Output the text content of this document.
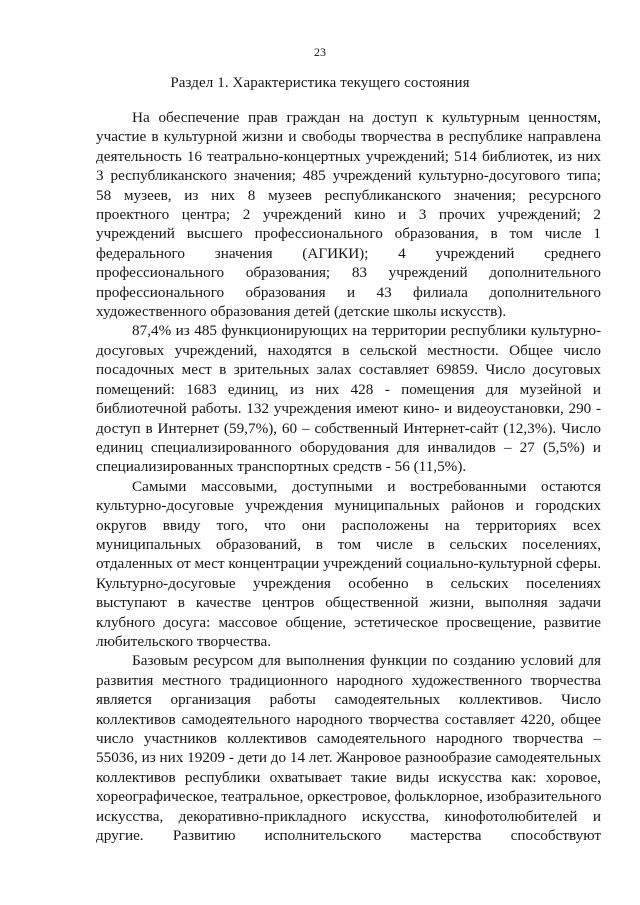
23
Раздел 1. Характеристика текущего состояния
На обеспечение прав граждан на доступ к культурным ценностям,
участие в культурной жизни и свободы творчества в республике направлена
деятельность 16 театрально-концертных учреждений; 514 библиотек, из них
3 республиканского значения; 485 учреждений культурно-досугового типа;
58 музеев, из них 8 музеев республиканского значения; ресурсного
проектного центра; 2 учреждений кино и 3 прочих учреждений; 2
учреждений высшего профессионального образования, в том числе 1
федерального значения (АГИКИ); 4 учреждений среднего
профессионального образования; 83 учреждений дополнительного
профессионального образования и 43 филиала дополнительного
художественного образования детей (детские школы искусств).
87,4% из 485 функционирующих на территории республики культурно-
досуговых учреждений, находятся в сельской местности. Общее число
посадочных мест в зрительных залах составляет 69859. Число досуговых
помещений: 1683 единиц, из них 428 - помещения для музейной и
библиотечной работы. 132 учреждения имеют кино- и видеоустановки, 290 -
доступ в Интернет (59,7%), 60 – собственный Интернет-сайт (12,3%). Число
единиц специализированного оборудования для инвалидов – 27 (5,5%) и
специализированных транспортных средств - 56 (11,5%).
Самыми массовыми, доступными и востребованными остаются
культурно-досуговые учреждения муниципальных районов и городских
округов ввиду того, что они расположены на территориях всех
муниципальных образований, в том числе в сельских поселениях,
отдаленных от мест концентрации учреждений социально-культурной сферы.
Культурно-досуговые учреждения особенно в сельских поселениях
выступают в качестве центров общественной жизни, выполняя задачи
клубного досуга: массовое общение, эстетическое просвещение, развитие
любительского творчества.
Базовым ресурсом для выполнения функции по созданию условий для
развития местного традиционного народного художественного творчества
является организация работы самодеятельных коллективов. Число
коллективов самодеятельного народного творчества составляет 4220, общее
число участников коллективов самодеятельного народного творчества –
55036, из них 19209 - дети до 14 лет. Жанровое разнообразие самодеятельных
коллективов республики охватывает такие виды искусства как: хоровое,
хореографическое, театральное, оркестровое, фольклорное, изобразительного
искусства, декоративно-прикладного искусства, кинофотолюбителей и
другие. Развитию исполнительского мастерства способствуют
